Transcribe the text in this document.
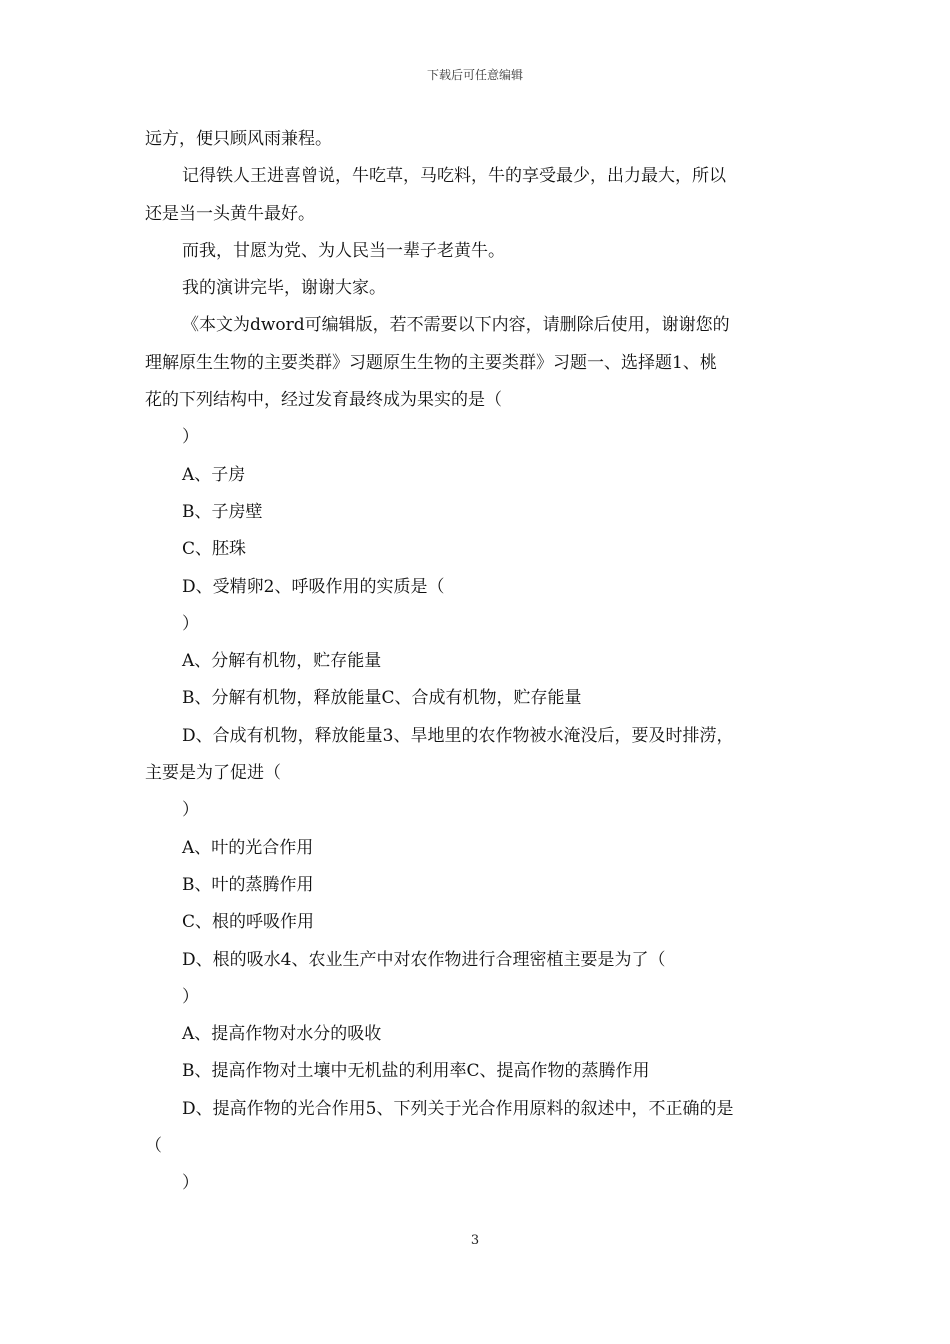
下载后可任意编辑

远方，便只顾风雨兼程。

记得铁人王进喜曾说，牛吃草，马吃料，牛的享受最少，出力最大，所以

还是当一头黄牛最好。

而我，甘愿为党、为人民当一辈子老黄牛。

我的演讲完毕，谢谢大家。

《本文为dword可编辑版，若不需要以下内容，请删除后使用，谢谢您的

理解原生生物的主要类群》习题原生生物的主要类群》习题一、选择题1、桃

花的下列结构中，经过发育最终成为果实的是（

）

A、子房

B、子房壁

C、胚珠

D、受精卵2、呼吸作用的实质是（

）

A、分解有机物，贮存能量

B、分解有机物，释放能量C、合成有机物，贮存能量

D、合成有机物，释放能量3、旱地里的农作物被水淹没后，要及时排涝，

主要是为了促进（

）

A、叶的光合作用

B、叶的蒸腾作用

C、根的呼吸作用

D、根的吸水4、农业生产中对农作物进行合理密植主要是为了（

）

A、提高作物对水分的吸收

B、提高作物对土壤中无机盐的利用率C、提高作物的蒸腾作用

D、提高作物的光合作用5、下列关于光合作用原料的叙述中，不正确的是

（

）

3
